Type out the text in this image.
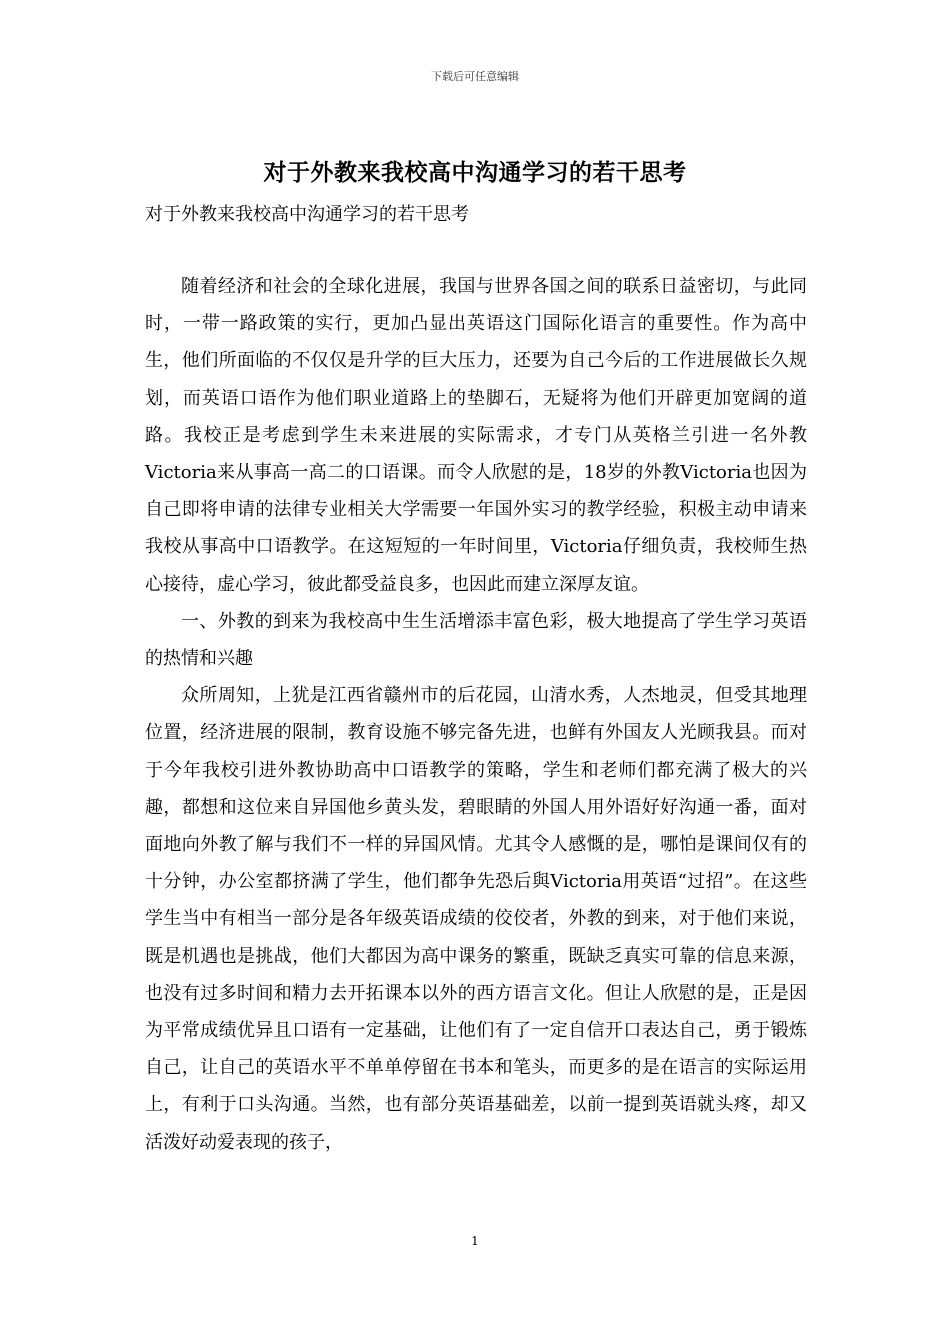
下载后可任意编辑
对于外教来我校高中沟通学习的若干思考
对于外教来我校高中沟通学习的若干思考

随着经济和社会的全球化进展，我国与世界各国之间的联系日益密切，与此同时，一带一路政策的实行，更加凸显出英语这门国际化语言的重要性。作为高中生，他们所面临的不仅仅是升学的巨大压力，还要为自己今后的工作进展做长久规划，而英语口语作为他们职业道路上的垫脚石，无疑将为他们开辟更加宽阔的道路。我校正是考虑到学生未来进展的实际需求，才专门从英格兰引进一名外教Victoria来从事高一高二的口语课。而令人欣慰的是，18岁的外教Victoria也因为自己即将申请的法律专业相关大学需要一年国外实习的教学经验，积极主动申请来我校从事高中口语教学。在这短短的一年时间里，Victoria仔细负责，我校师生热心接待，虚心学习，彼此都受益良多，也因此而建立深厚友谊。

一、外教的到来为我校高中生生活增添丰富色彩，极大地提高了学生学习英语的热情和兴趣

众所周知，上犹是江西省赣州市的后花园，山清水秀，人杰地灵，但受其地理位置，经济进展的限制，教育设施不够完备先进，也鲜有外国友人光顾我县。而对于今年我校引进外教协助高中口语教学的策略，学生和老师们都充满了极大的兴趣，都想和这位来自异国他乡黄头发，碧眼睛的外国人用外语好好沟通一番，面对面地向外教了解与我们不一样的异国风情。尤其令人感慨的是，哪怕是课间仅有的十分钟，办公室都挤满了学生，他们都争先恐后與Victoria用英语“过招”。在这些学生当中有相当一部分是各年级英语成绩的佼佼者，外教的到来，对于他们来说，既是机遇也是挑战，他们大都因为高中课务的繁重，既缺乏真实可靠的信息来源，也没有过多时间和精力去开拓课本以外的西方语言文化。但让人欣慰的是，正是因为平常成绩优异且口语有一定基础，让他们有了一定自信开口表达自己，勇于锻炼自己，让自己的英语水平不单单停留在书本和笔头，而更多的是在语言的实际运用上，有利于口头沟通。当然，也有部分英语基础差，以前一提到英语就头疼，却又活泼好动爱表现的孩子，

1
